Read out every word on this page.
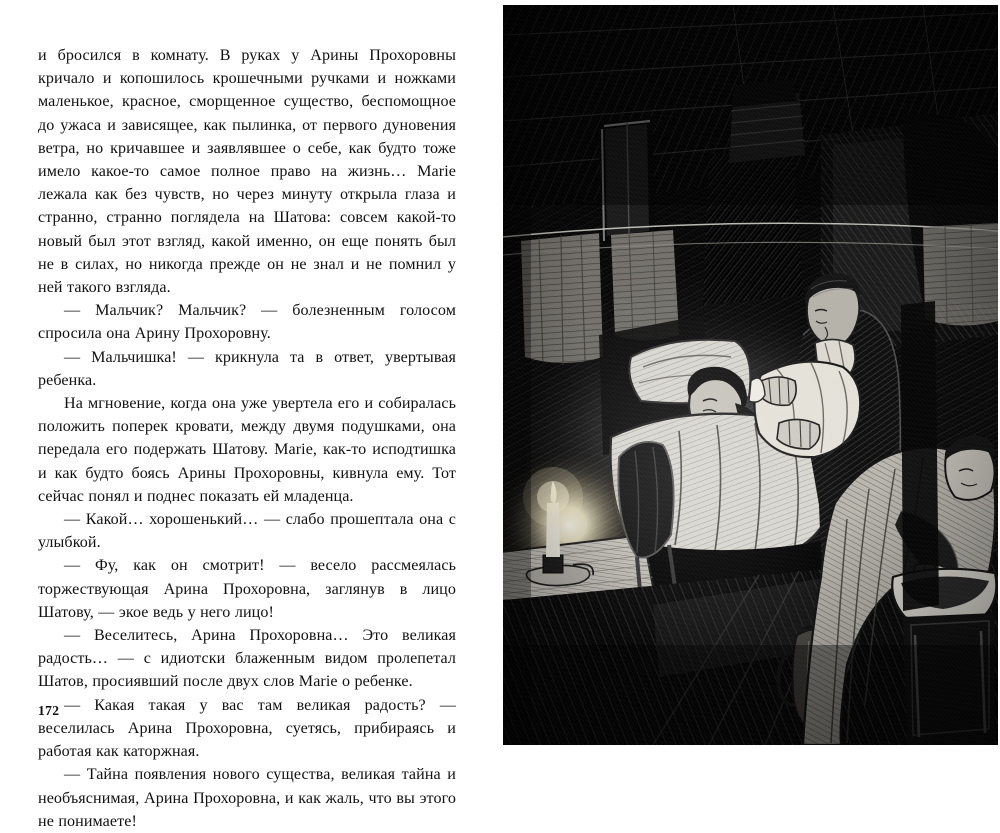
и бросился в комнату. В руках у Арины Прохоровны кричало и копошилось крошечными ручками и ножками маленькое, красное, сморщенное существо, беспомощное до ужаса и зависящее, как пылинка, от первого дуновения ветра, но кричавшее и заявлявшее о себе, как будто тоже имело какое-то самое полное право на жизнь… Marie лежала как без чувств, но через минуту открыла глаза и странно, странно поглядела на Шатова: совсем какой-то новый был этот взгляд, какой именно, он еще понять был не в силах, но никогда прежде он не знал и не помнил у ней такого взгляда.

— Мальчик? Мальчик? — болезненным голосом спросила она Арину Прохоровну.

— Мальчишка! — крикнула та в ответ, увертывая ребенка.

На мгновение, когда она уже увертела его и собиралась положить поперек кровати, между двумя подушками, она передала его подержать Шатову. Marie, как-то исподтишка и как будто боясь Арины Прохоровны, кивнула ему. Тот сейчас понял и поднес показать ей младенца.

— Какой… хорошенький… — слабо прошептала она с улыбкой.

— Фу, как он смотрит! — весело рассмеялась торжествующая Арина Прохоровна, заглянув в лицо Шатову, — экое ведь у него лицо!

— Веселитесь, Арина Прохоровна… Это великая радость… — с идиотски блаженным видом пролепетал Шатов, просиявший после двух слов Marie о ребенке.

— Какая такая у вас там великая радость? — веселилась Арина Прохоровна, суетясь, прибираясь и работая как каторжная.

— Тайна появления нового существа, великая тайна и необъяснимая, Арина Прохоровна, и как жаль, что вы этого не понимаете!

172
